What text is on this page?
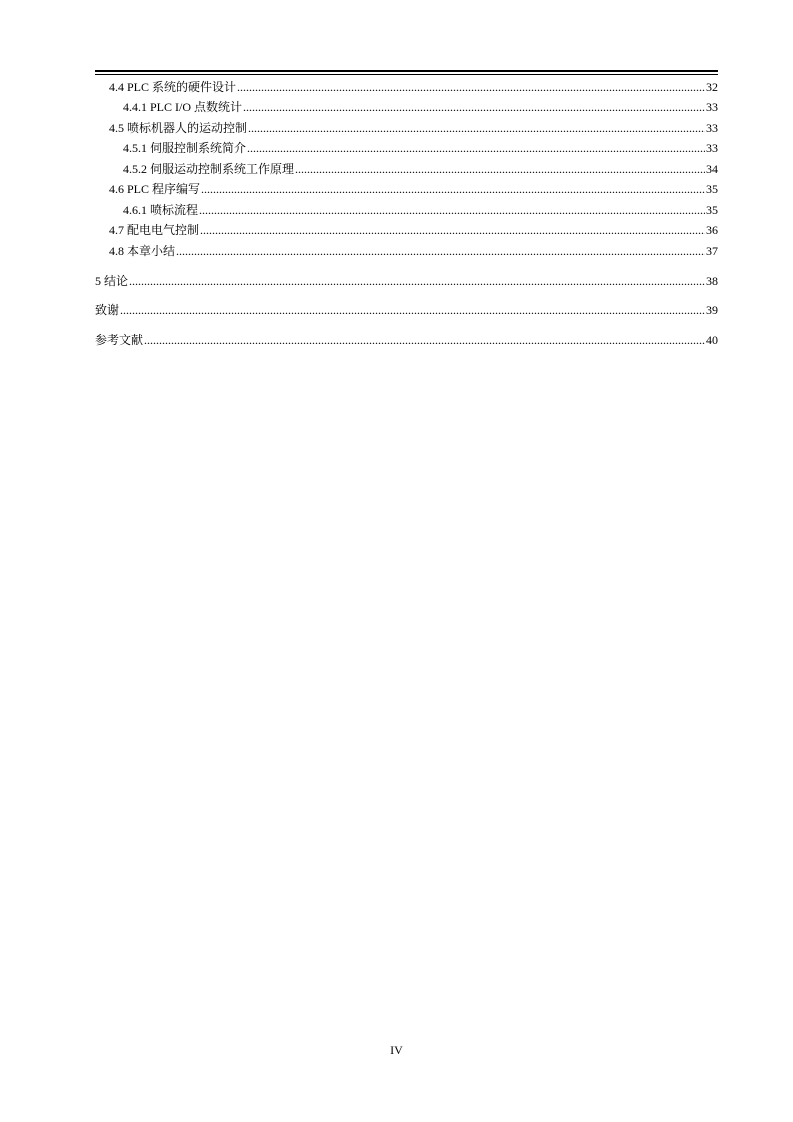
4.4 PLC 系统的硬件设计 .....	32
4.4.1 PLC I/O 点数统计 .....	33
4.5 喷标机器人的运动控制 .....	33
4.5.1 伺服控制系统简介 .....	33
4.5.2 伺服运动控制系统工作原理 .....	34
4.6 PLC 程序编写 .....	35
4.6.1 喷标流程 .....	35
4.7 配电电气控制 .....	36
4.8 本章小结 .....	37
5 结论 .....	38
致谢 .....	39
参考文献 .....	40
IV
